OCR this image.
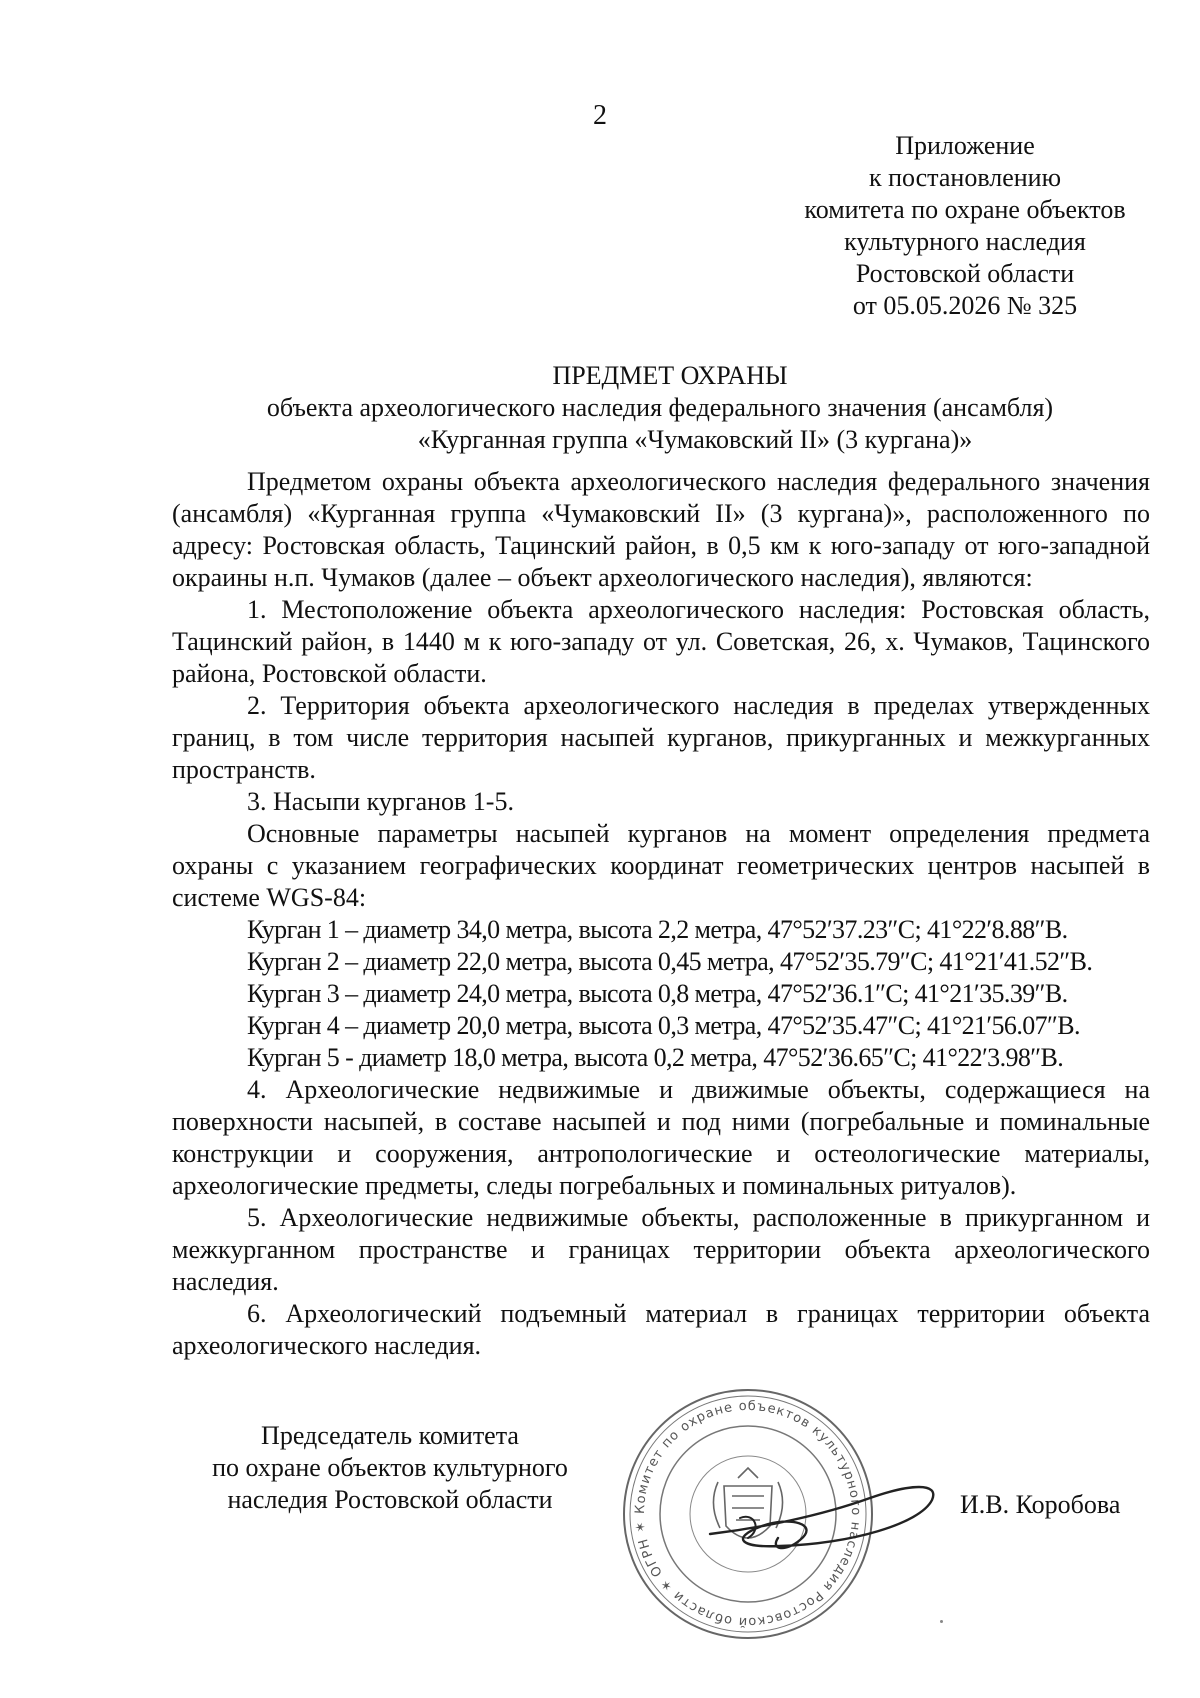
2
Приложение
к постановлению
комитета по охране объектов
культурного наследия
Ростовской области
от 05.05.2026 № 325
ПРЕДМЕТ ОХРАНЫ
объекта археологического наследия федерального значения (ансамбля)
«Курганная группа «Чумаковский II» (3 кургана)»

Предметом охраны объекта археологического наследия федерального значения (ансамбля) «Курганная группа «Чумаковский II» (3 кургана)», расположенного по адресу: Ростовская область, Тацинский район, в 0,5 км к юго-западу от юго-западной окраины н.п. Чумаков (далее – объект археологического наследия), являются:

1. Местоположение объекта археологического наследия: Ростовская область, Тацинский район, в 1440 м к юго-западу от ул. Советская, 26, х. Чумаков, Тацинского района, Ростовской области.

2. Территория объекта археологического наследия в пределах утвержденных границ, в том числе территория насыпей курганов, прикурганных и межкурганных пространств.

3. Насыпи курганов 1-5.

Основные параметры насыпей курганов на момент определения предмета охраны с указанием географических координат геометрических центров насыпей в системе WGS-84:

Курган 1 – диаметр 34,0 метра, высота 2,2 метра, 47°52′37.23″С; 41°22′8.88″В.

Курган 2 – диаметр 22,0 метра, высота 0,45 метра, 47°52′35.79″С; 41°21′41.52″В.

Курган 3 – диаметр 24,0 метра, высота 0,8 метра, 47°52′36.1″С; 41°21′35.39″В.

Курган 4 – диаметр 20,0 метра, высота 0,3 метра, 47°52′35.47″С; 41°21′56.07″В.

Курган 5 - диаметр 18,0 метра, высота 0,2 метра, 47°52′36.65″С; 41°22′3.98″В.

4. Археологические недвижимые и движимые объекты, содержащиеся на поверхности насыпей, в составе насыпей и под ними (погребальные и поминальные конструкции и сооружения, антропологические и остеологические материалы, археологические предметы, следы погребальных и поминальных ритуалов).

5. Археологические недвижимые объекты, расположенные в прикурганном и межкурганном пространстве и границах территории объекта археологического наследия.

6. Археологический подъемный материал в границах территории объекта археологического наследия.

Председатель комитета
по охране объектов культурного
наследия Ростовской области	Комитет по охране объектов культурного наследия Ростовской области ✶ ОГРН ✶
И.В. Коробова
